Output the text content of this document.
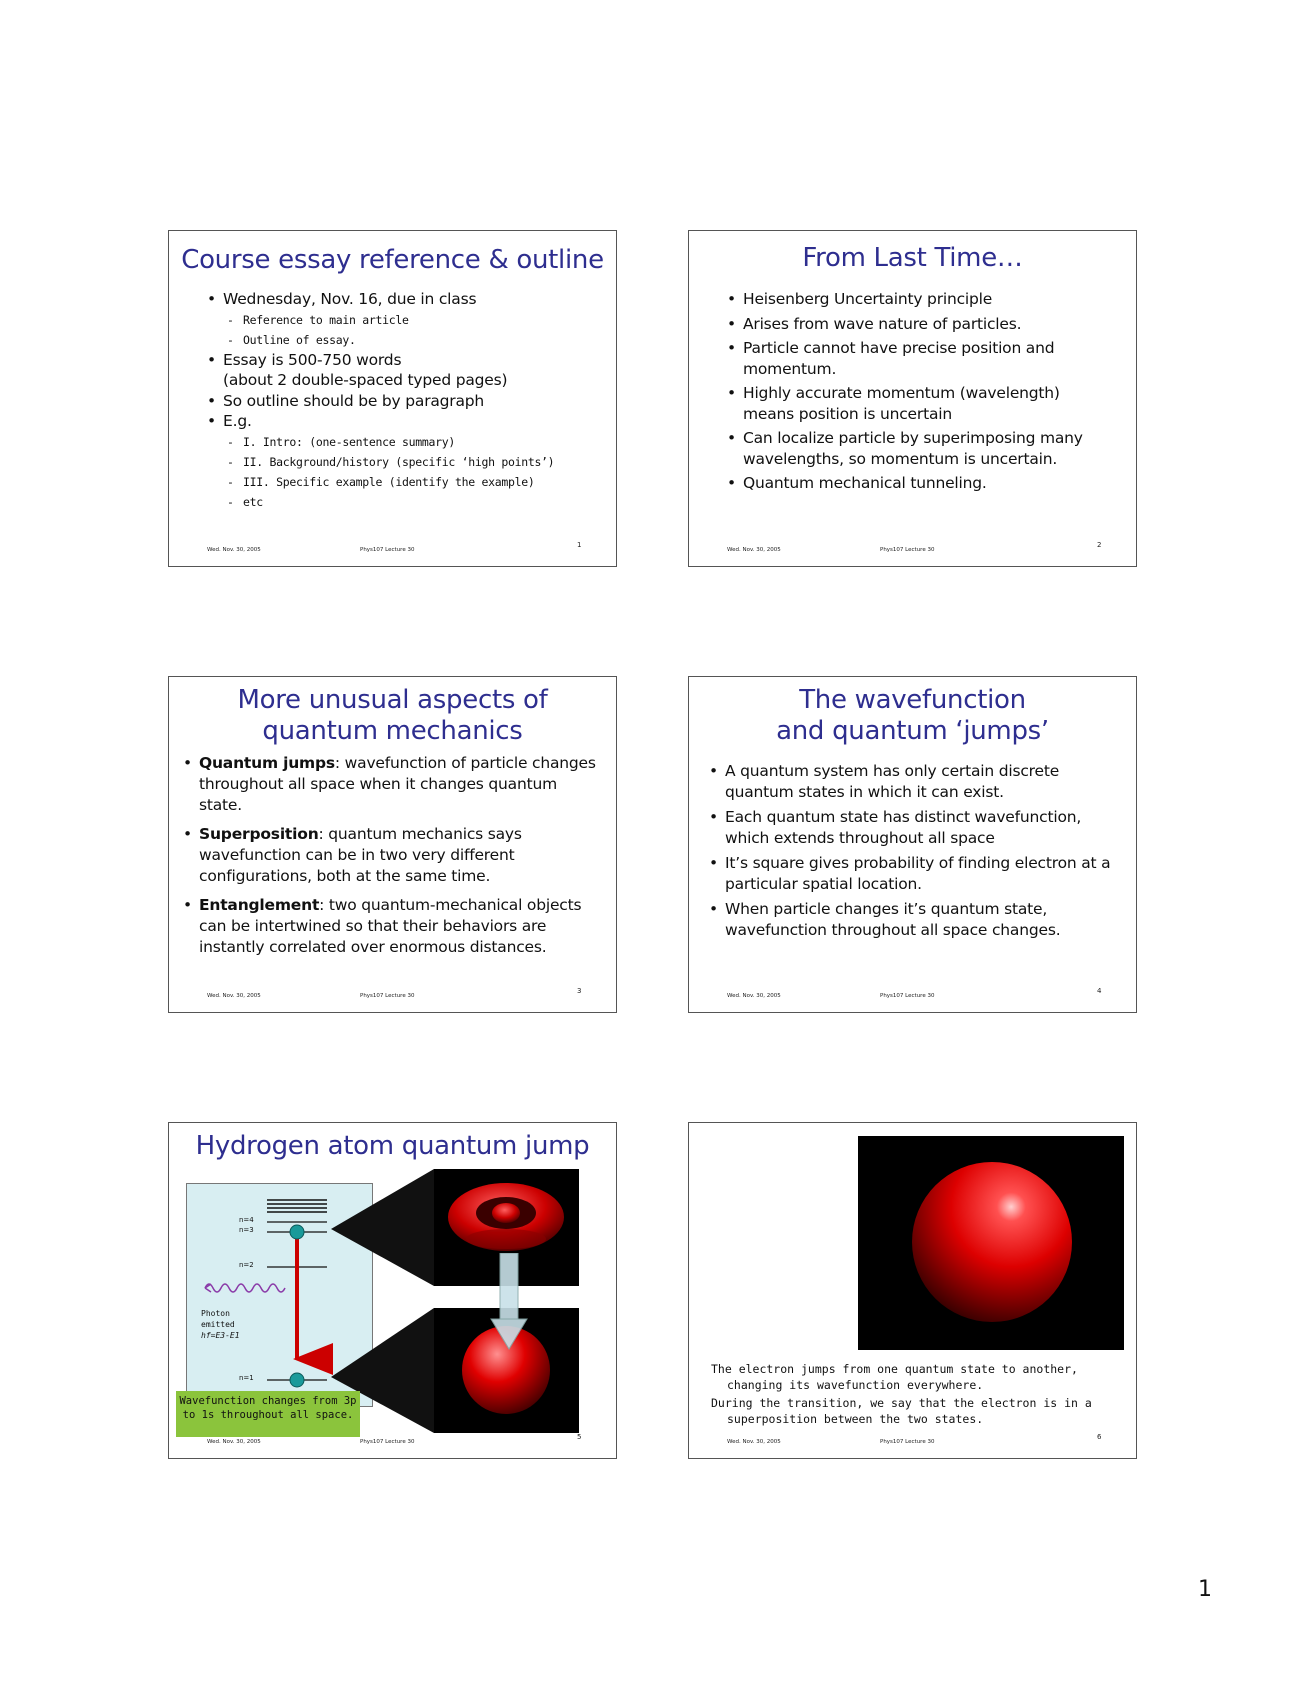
Course essay reference & outline
• Wednesday, Nov. 16, due in class
- Reference to main article
- Outline of essay.
• Essay is 500-750 words
(about 2 double-spaced typed pages)
• So outline should be by paragraph
• E.g.
- I. Intro: (one-sentence summary)
- II. Background/history (specific ‘high points’)
- III. Specific example (identify the example)
- etc
Wed. Nov. 30, 2005	Phys107 Lecture 30
1
From Last Time…
• Heisenberg Uncertainty principle
• Arises from wave nature of particles.
• Particle cannot have precise position and momentum.
• Highly accurate momentum (wavelength) means position is uncertain
• Can localize particle by superimposing many wavelengths, so momentum is uncertain.
• Quantum mechanical tunneling.
Wed. Nov. 30, 2005	Phys107 Lecture 30
2
More unusual aspects of
quantum mechanics
• Quantum jumps: wavefunction of particle changes throughout all space when it changes quantum state.
• Superposition: quantum mechanics says wavefunction can be in two very different configurations, both at the same time.
• Entanglement: two quantum-mechanical objects can be intertwined so that their behaviors are instantly correlated over enormous distances.
Wed. Nov. 30, 2005	Phys107 Lecture 30
3
The wavefunction
and quantum ‘jumps’
• A quantum system has only certain discrete quantum states in which it can exist.
• Each quantum state has distinct wavefunction, which extends throughout all space
• It’s square gives probability of finding electron at a particular spatial location.
• When particle changes it’s quantum state, wavefunction throughout all space changes.
Wed. Nov. 30, 2005	Phys107 Lecture 30
4
Hydrogen atom quantum jump
n=4
n=3
n=2
n=1
Photon
emitted
hf=E3-E1
Wavefunction changes from 3p to 1s throughout all space.
Wed. Nov. 30, 2005	Phys107 Lecture 30
5

The electron jumps from one quantum state to another, changing its wavefunction everywhere.

During the transition, we say that the electron is in a superposition between the two states.

Wed. Nov. 30, 2005	Phys107 Lecture 30
6
1
